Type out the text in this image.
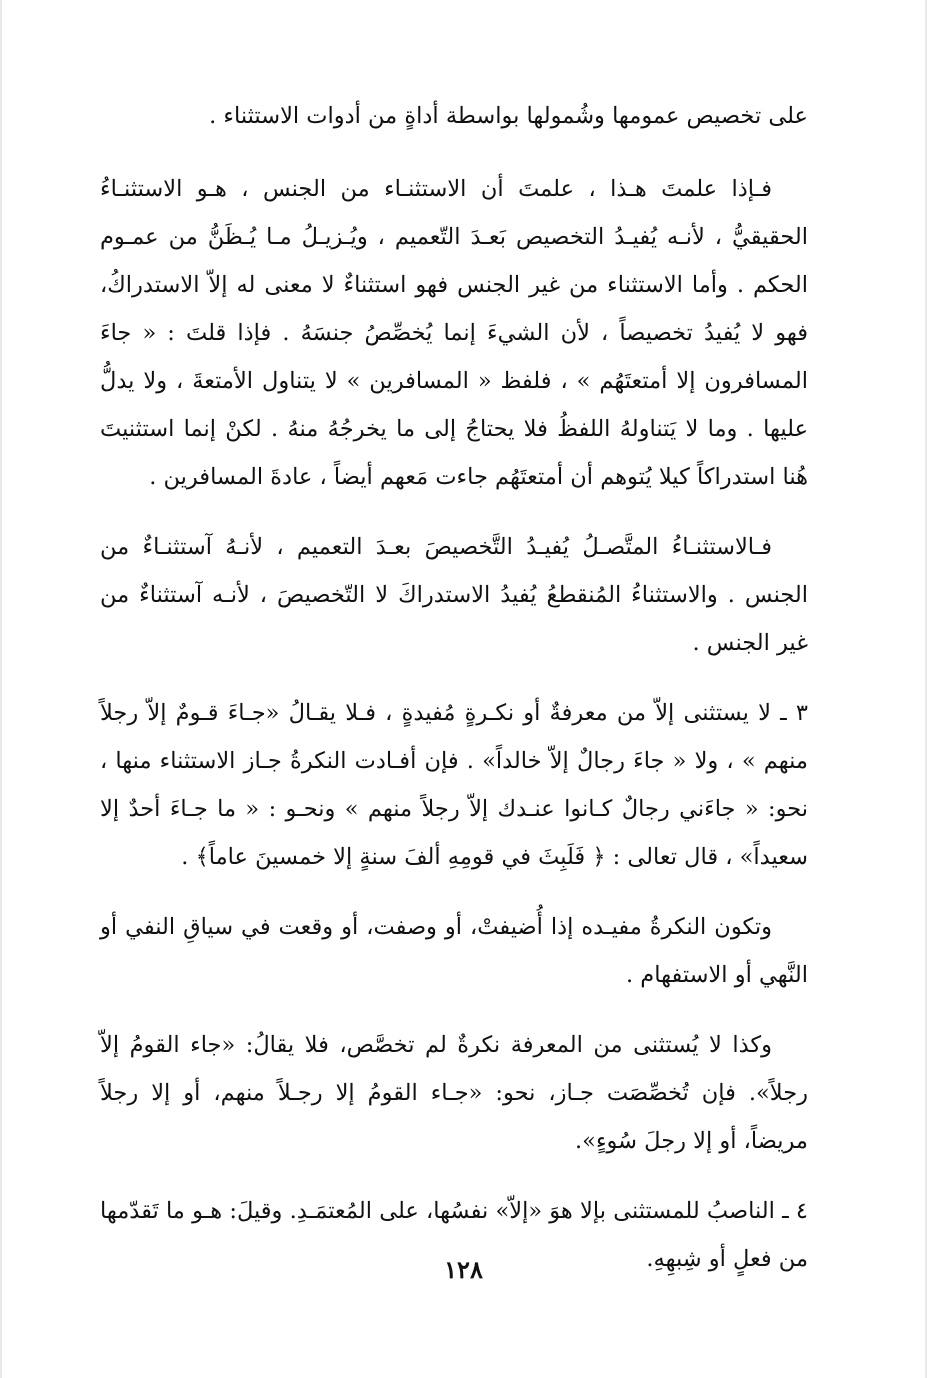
على تخصيص عمومها وشُمولها بواسطة أداةٍ من أدوات الاستثناء .

فـإذا علمتَ هـذا ، علمتَ أن الاستثنـاء من الجنس ، هـو الاستثنـاءُ الحقيقيُّ ، لأنـه يُفيـدُ التخصيص بَعـدَ التّعميم ، ويُـزيـلُ مـا يُـظَنُّ من عمـوم الحكم . وأما الاستثناء من غير الجنس فهو استثناءٌ لا معنى له إلاّ الاستدراكُ، فهو لا يُفيدُ تخصيصاً ، لأن الشيءَ إنما يُخصِّصُ جنسَهُ . فإذا قلتَ : « جاءَ المسافرون إلا أمتعتَهُم » ، فلفظ « المسافرين » لا يتناول الأمتعةَ ، ولا يدلُّ عليها . وما لا يَتناولهُ اللفظُ فلا يحتاجُ إلى ما يخرجُهُ منهُ . لكنْ إنما استثنيتَ هُنا استدراكاً كيلا يُتوهم أن أمتعتَهُم جاءت مَعهم أيضاً ، عادةَ المسافرين .

فـالاستثنـاءُ المتَّصـلُ يُفيـدُ التَّخصيصَ بعـدَ التعميم ، لأنـهُ آستثنـاءٌ من الجنس . والاستثناءُ المُنقطعُ يُفيدُ الاستدراكَ لا التّخصيصَ ، لأنـه آستثناءٌ من غير الجنس .

٣ ـ لا يستثنى إلاّ من معرفةٌ أو نكـرةٍ مُفيدةٍ ، فـلا يقـالُ «جـاءَ قـومٌ إلاّ رجلاً منهم » ، ولا « جاءَ رجالٌ إلاّ خالداً» . فإن أفـادت النكرةُ جـاز الاستثناء منها ، نحو: « جاءَني رجالٌ كـانوا عنـدك إلاّ رجلاً منهم » ونحـو : « ما جـاءَ أحدٌ إلا سعيداً» ، قال تعالى : ﴿ فَلَبِثَ في قومِهِ ألفَ سنةٍ إلا خمسينَ عاماً﴾ .

وتكون النكرةُ مفيـده إذا أُضيفتْ، أو وصفت، أو وقعت في سياقِ النفي أو النَّهي أو الاستفهام .

وكذا لا يُستثنى من المعرفة نكرةٌ لم تخصَّص، فلا يقالُ: «جاء القومُ إلاّ رجلاً». فإن تُخصِّصَت جـاز، نحو: «جـاء القومُ إلا رجـلاً منهم، أو إلا رجلاً مريضاً، أو إلا رجلَ سُوءٍ».

٤ ـ الناصبُ للمستثنى بإلا هوَ «إلاّ» نفسُها، على المُعتمَـدِ. وقيلَ: هـو ما تَقدّمها من فعلٍ أو شِبهِهِ.

١٢٨
